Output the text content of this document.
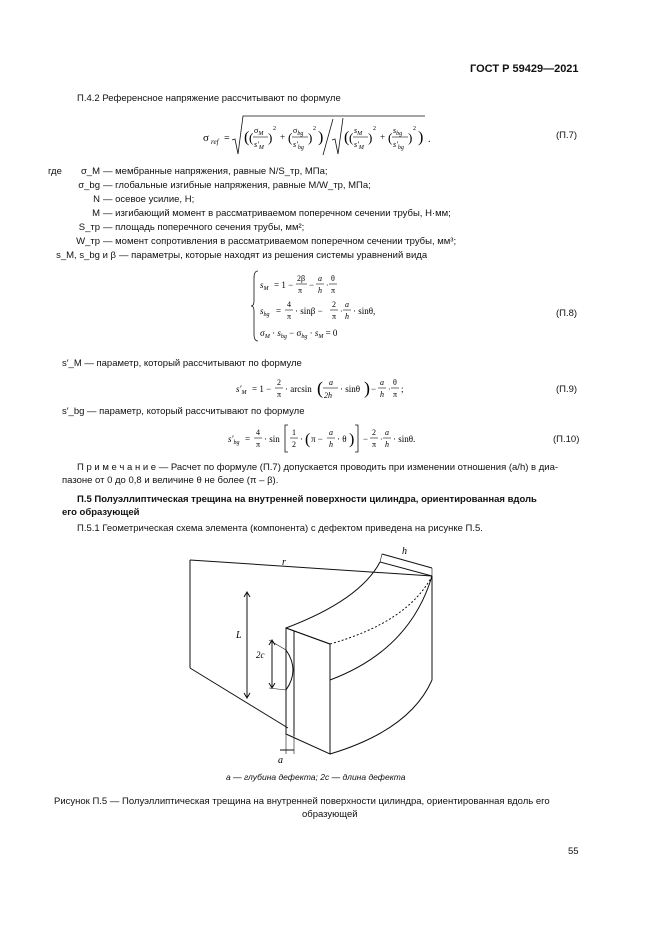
ГОСТ Р 59429—2021
П.4.2 Референсное напряжение рассчитывают по формуле
σ ref = ( ( $\sigma_M$
$s'_M$
)
2
+ ( $\sigma_{bg}$
$s'_{bg}$
)
2 ) ( ( $s_M$
$s'_M$
)
2
+ ( $s_{bg}$
$s'_{bg}$
)
2 ) .	(П.7)
где	σ_M — мембранные напряжения, равные N/S_тр, МПа;
σ_bg — глобальные изгибные напряжения, равные M/W_тр, МПа;
N — осевое усилие, Н;
M — изгибающий момент в рассматриваемом поперечном сечении трубы, Н·мм;
S_тр — площадь поперечного сечения трубы, мм²;
W_тр — момент сопротивления в рассматриваемом поперечном сечении трубы, мм³;
s_M, s_bg и β — параметры, которые находят из решения системы уравнений вида
$s_M = 1$ −
2β
π
−
a
h
·
θ
π
$s_{bg}$ =
4
π
· sinβ −
2
π
·
a
h
· sinθ,
$\sigma_M \cdot s_{bg} - \sigma_{bg} \cdot s_M = 0$
(П.8)
s′_M — параметр, который рассчитывают по формуле
$s'_M = 1$ −
2
π
· arcsin ( a
2h
· sinθ ) −
a
h
·
θ
π
;	(П.9)
s′_bg — параметр, который рассчитывают по формуле
$s'_{bg}$ =
4
π
· sin
1
2
· ( π −
a
h
· θ ) −
2
π
·
a
h
· sinθ.	(П.10)
П р и м е ч а н и е — Расчет по формуле (П.7) допускается проводить при изменении отношения (a/h) в диа-
пазоне от 0 до 0,8 и величине θ не более (π – β).
П.5 Полуэллиптическая трещина на внутренней поверхности цилиндра, ориентированная вдоль
его образующей
П.5.1 Геометрическая схема элемента (компонента) с дефектом приведена на рисунке П.5.
r
h
L
2c
a
a — глубина дефекта; 2c — длина дефекта
Рисунок П.5 — Полуэллиптическая трещина на внутренней поверхности цилиндра, ориентированная вдоль его
образующей
55
